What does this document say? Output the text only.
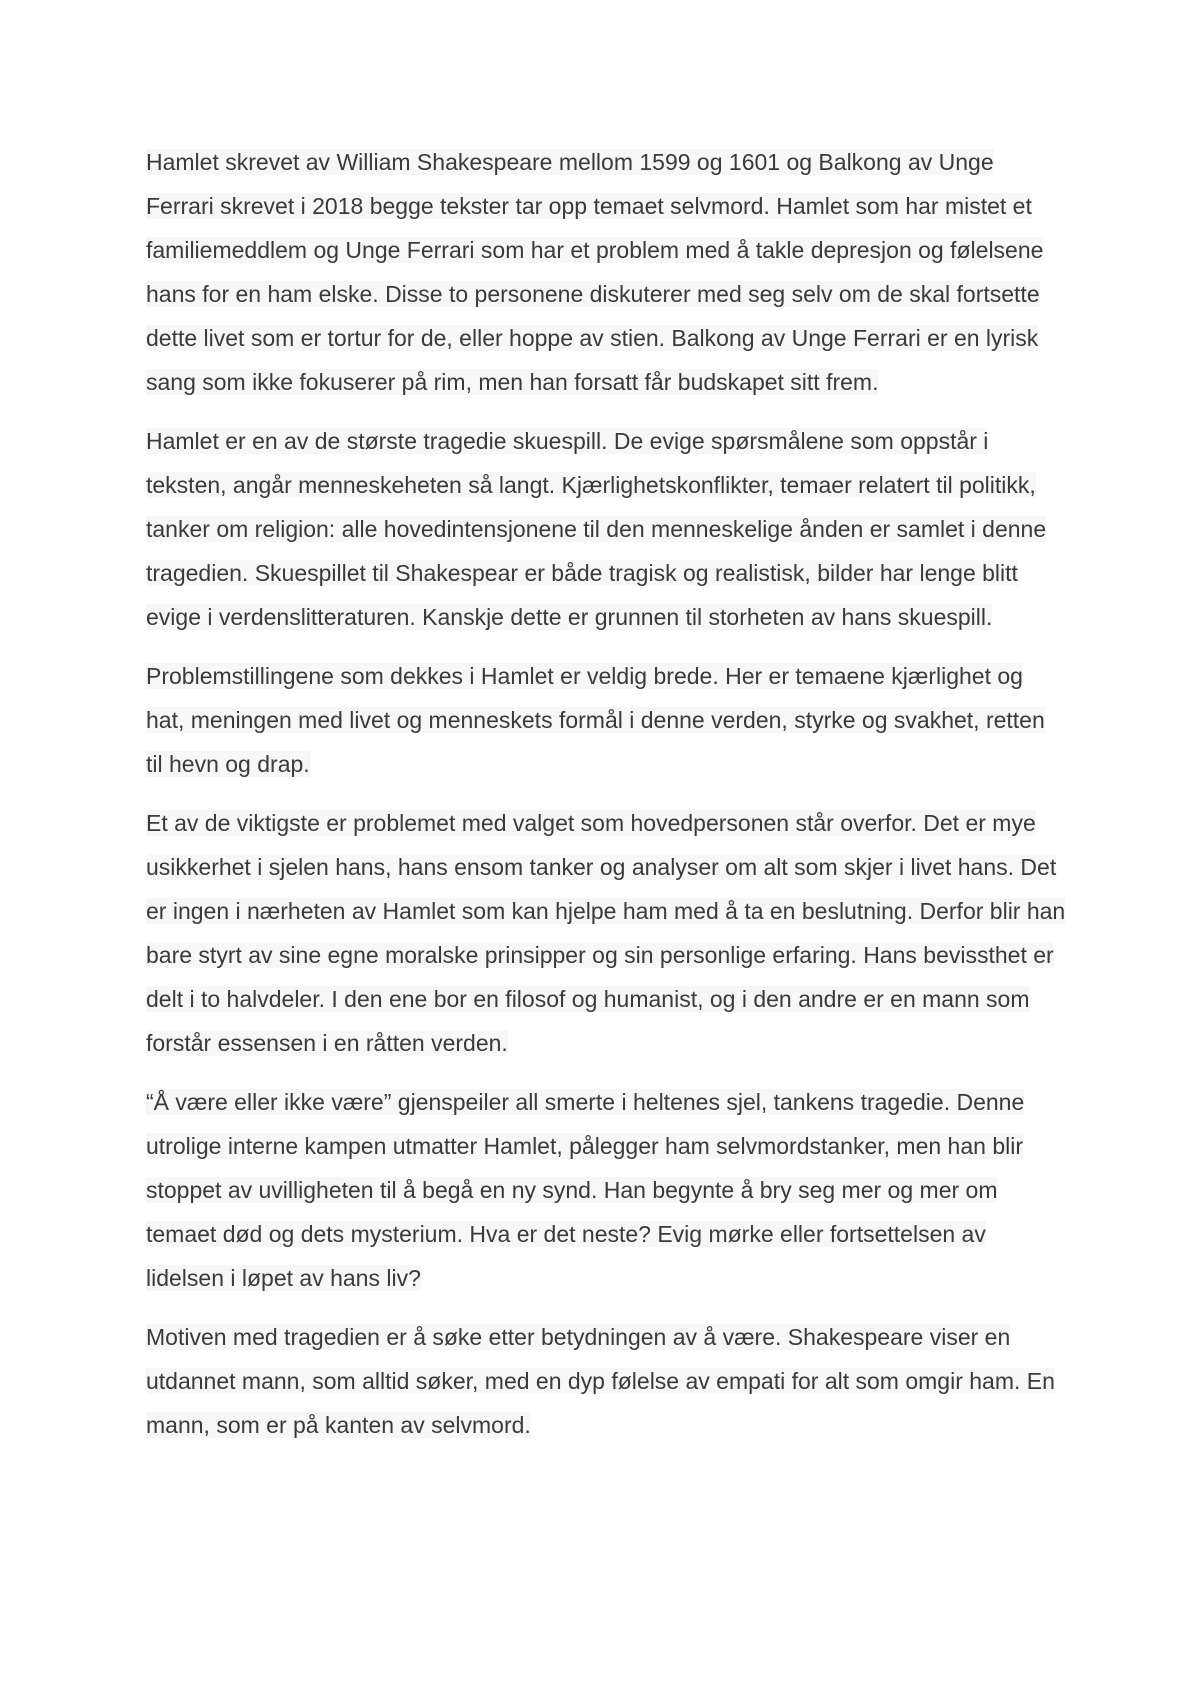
Hamlet skrevet av William Shakespeare mellom 1599 og 1601 og Balkong av Unge Ferrari skrevet i 2018 begge tekster tar opp temaet selvmord. Hamlet som har mistet et familiemeddlem og Unge Ferrari som har et problem med å takle depresjon og følelsene hans for en ham elske. Disse to personene diskuterer med seg selv om de skal fortsette dette livet som er tortur for de, eller hoppe av stien. Balkong av Unge Ferrari er en lyrisk sang som ikke fokuserer på rim, men han forsatt får budskapet sitt frem.

Hamlet er en av de største tragedie skuespill. De evige spørsmålene som oppstår i teksten, angår menneskeheten så langt. Kjærlighetskonflikter, temaer relatert til politikk, tanker om religion: alle hovedintensjonene til den menneskelige ånden er samlet i denne tragedien. Skuespillet til Shakespear er både tragisk og realistisk, bilder har lenge blitt evige i verdenslitteraturen. Kanskje dette er grunnen til storheten av hans skuespill.

Problemstillingene som dekkes i Hamlet er veldig brede. Her er temaene kjærlighet og hat, meningen med livet og menneskets formål i denne verden, styrke og svakhet, retten til hevn og drap.

Et av de viktigste er problemet med valget som hovedpersonen står overfor. Det er mye usikkerhet i sjelen hans, hans ensom tanker og analyser om alt som skjer i livet hans. Det er ingen i nærheten av Hamlet som kan hjelpe ham med å ta en beslutning. Derfor blir han bare styrt av sine egne moralske prinsipper og sin personlige erfaring. Hans bevissthet er delt i to halvdeler. I den ene bor en filosof og humanist, og i den andre er en mann som forstår essensen i en råtten verden.

“Å være eller ikke være” gjenspeiler all smerte i heltenes sjel, tankens tragedie. Denne utrolige interne kampen utmatter Hamlet, pålegger ham selvmordstanker, men han blir stoppet av uvilligheten til å begå en ny synd. Han begynte å bry seg mer og mer om temaet død og dets mysterium. Hva er det neste? Evig mørke eller fortsettelsen av lidelsen i løpet av hans liv?

Motiven med tragedien er å søke etter betydningen av å være. Shakespeare viser en utdannet mann, som alltid søker, med en dyp følelse av empati for alt som omgir ham. En mann, som er på kanten av selvmord.
